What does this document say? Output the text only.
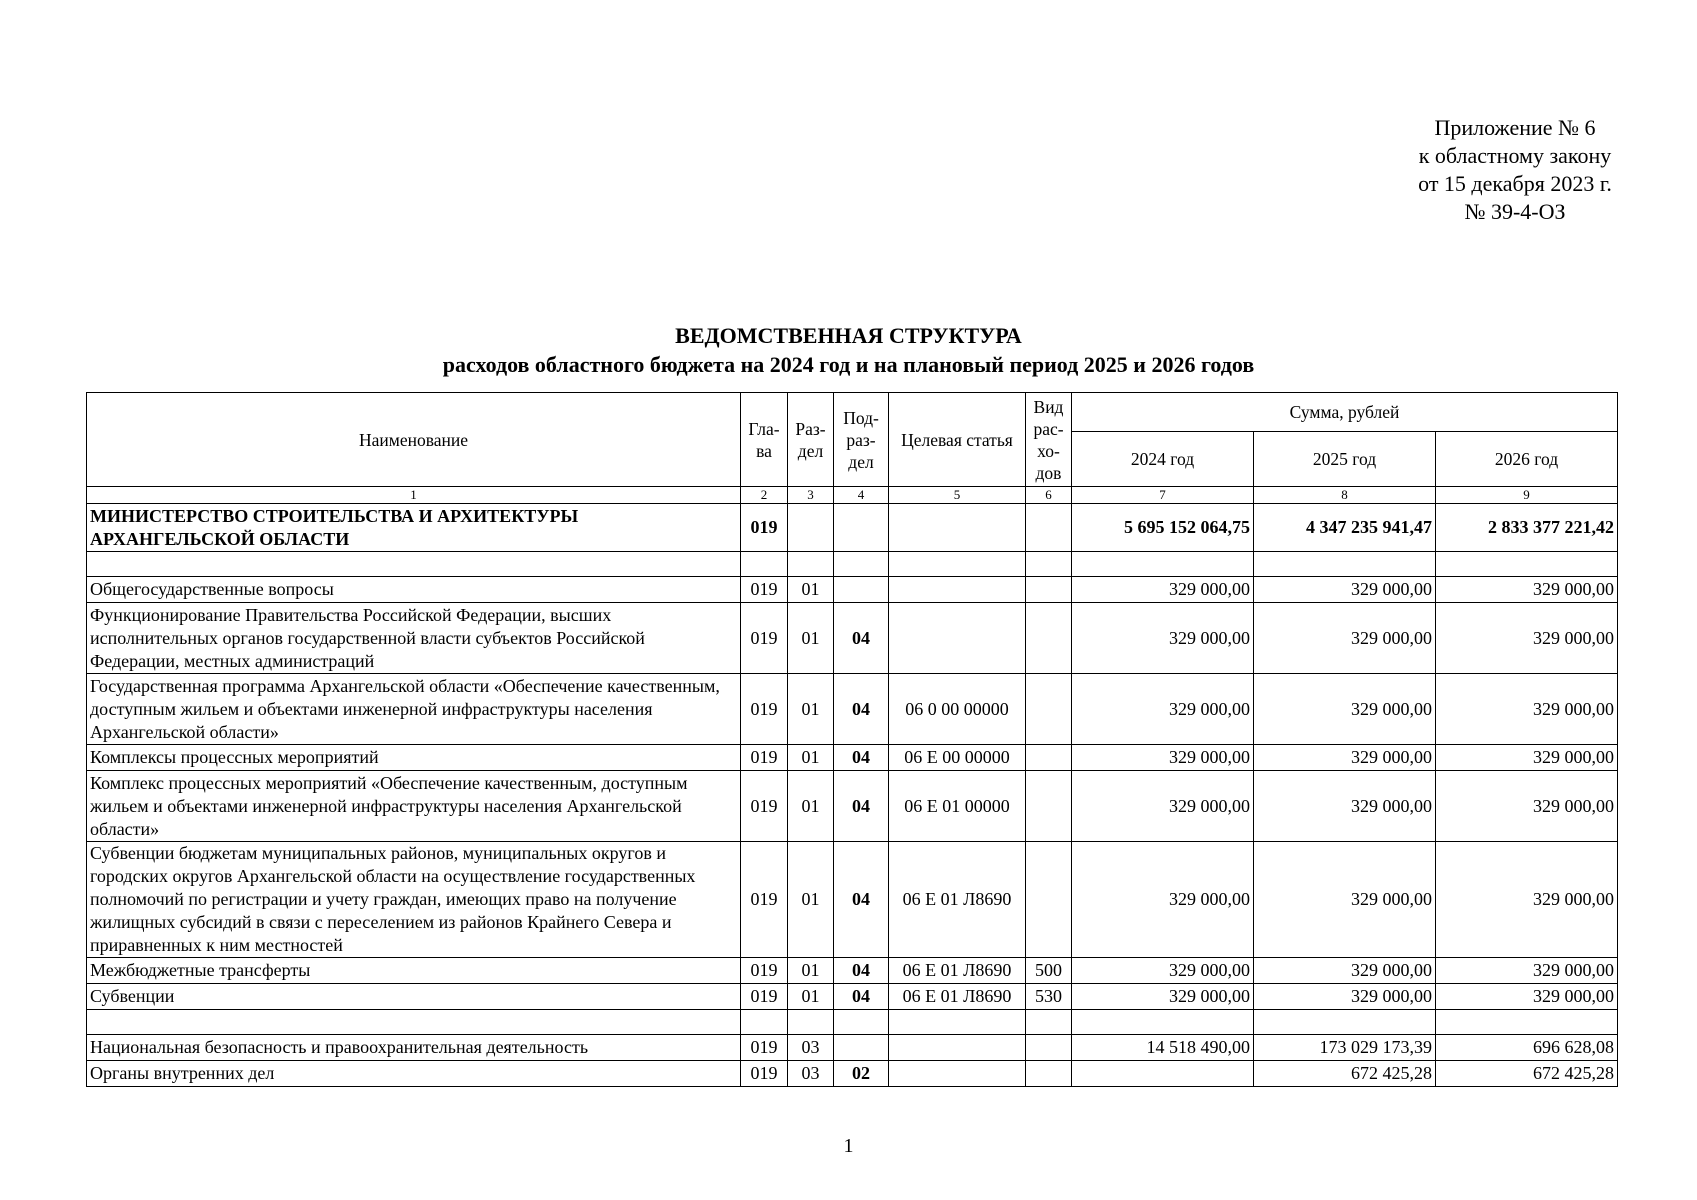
Приложение № 6
к областному закону
от 15 декабря 2023 г.
№ 39-4-ОЗ
ВЕДОМСТВЕННАЯ СТРУКТУРА
расходов областного бюджета на 2024 год и на плановый период 2025 и 2026 годов
Наименование	Гла-ва	Раз-дел	Под-раз-дел	Целевая статья	Вид рас-хо-дов	Сумма, рублей		
						2024 год	2025 год	2026 год
1	2	3	4	5	6	7	8	9
МИНИСТЕРСТВО СТРОИТЕЛЬСТВА И АРХИТЕКТУРЫ АРХАНГЕЛЬСКОЙ ОБЛАСТИ	019					5 695 152 064,75	4 347 235 941,47	2 833 377 221,42

Общегосударственные вопросы	019	01				329 000,00	329 000,00	329 000,00
Функционирование Правительства Российской Федерации, высших исполнительных органов государственной власти субъектов Российской Федерации, местных администраций	019	01	04			329 000,00	329 000,00	329 000,00
Государственная программа Архангельской области «Обеспечение качественным, доступным жильем и объектами инженерной инфраструктуры населения Архангельской области»	019	01	04	06 0 00 00000		329 000,00	329 000,00	329 000,00
Комплексы процессных мероприятий	019	01	04	06 Е 00 00000		329 000,00	329 000,00	329 000,00
Комплекс процессных мероприятий «Обеспечение качественным, доступным жильем и объектами инженерной инфраструктуры населения Архангельской области»	019	01	04	06 Е 01 00000		329 000,00	329 000,00	329 000,00
Субвенции бюджетам муниципальных районов, муниципальных округов и городских округов Архангельской области на осуществление государственных полномочий по регистрации и учету граждан, имеющих право на получение жилищных субсидий в связи с переселением из районов Крайнего Севера и приравненных к ним местностей	019	01	04	06 Е 01 Л8690		329 000,00	329 000,00	329 000,00
Межбюджетные трансферты	019	01	04	06 Е 01 Л8690	500	329 000,00	329 000,00	329 000,00
Субвенции	019	01	04	06 Е 01 Л8690	530	329 000,00	329 000,00	329 000,00

Национальная безопасность и правоохранительная деятельность	019	03				14 518 490,00	173 029 173,39	696 628,08
Органы внутренних дел	019	03	02				672 425,28	672 425,28
1
